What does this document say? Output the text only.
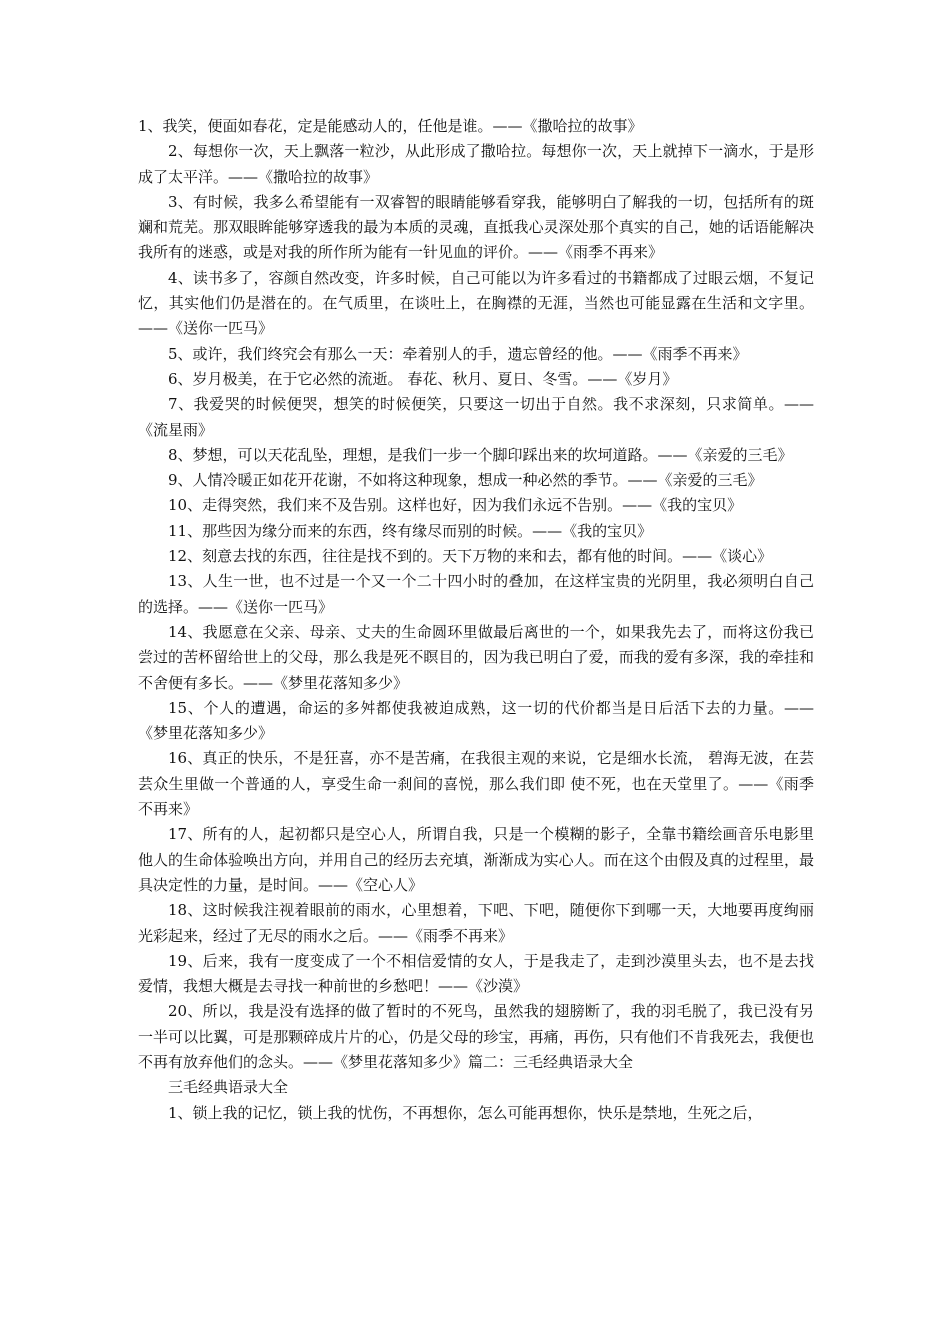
1、我笑，便面如春花，定是能感动人的，任他是谁。——《撒哈拉的故事》

2、每想你一次，天上飘落一粒沙，从此形成了撒哈拉。每想你一次，天上就掉下一滴水，于是形成了太平洋。——《撒哈拉的故事》

3、有时候，我多么希望能有一双睿智的眼睛能够看穿我，能够明白了解我的一切，包括所有的斑斓和荒芜。那双眼眸能够穿透我的最为本质的灵魂，直抵我心灵深处那个真实的自己，她的话语能解决我所有的迷惑，或是对我的所作所为能有一针见血的评价。——《雨季不再来》

4、读书多了，容颜自然改变，许多时候，自己可能以为许多看过的书籍都成了过眼云烟，不复记忆，其实他们仍是潜在的。在气质里，在谈吐上，在胸襟的无涯，当然也可能显露在生活和文字里。——《送你一匹马》

5、或许，我们终究会有那么一天：牵着别人的手，遗忘曾经的他。——《雨季不再来》

6、岁月极美，在于它必然的流逝。 春花、秋月、夏日、冬雪。——《岁月》

7、我爱哭的时候便哭，想笑的时候便笑，只要这一切出于自然。我不求深刻，只求简单。——《流星雨》

8、梦想，可以天花乱坠，理想，是我们一步一个脚印踩出来的坎坷道路。——《亲爱的三毛》

9、人情冷暖正如花开花谢，不如将这种现象，想成一种必然的季节。——《亲爱的三毛》

10、走得突然，我们来不及告别。这样也好，因为我们永远不告别。——《我的宝贝》

11、那些因为缘分而来的东西，终有缘尽而别的时候。——《我的宝贝》

12、刻意去找的东西，往往是找不到的。天下万物的来和去，都有他的时间。——《谈心》

13、人生一世，也不过是一个又一个二十四小时的叠加，在这样宝贵的光阴里，我必须明白自己的选择。——《送你一匹马》

14、我愿意在父亲、母亲、丈夫的生命圆环里做最后离世的一个，如果我先去了，而将这份我已尝过的苦杯留给世上的父母，那么我是死不瞑目的，因为我已明白了爱，而我的爱有多深，我的牵挂和不舍便有多长。——《梦里花落知多少》

15、个人的遭遇，命运的多舛都使我被迫成熟，这一切的代价都当是日后活下去的力量。——《梦里花落知多少》

16、真正的快乐，不是狂喜，亦不是苦痛，在我很主观的来说，它是细水长流， 碧海无波，在芸芸众生里做一个普通的人，享受生命一刹间的喜悦，那么我们即 使不死，也在天堂里了。——《雨季不再来》

17、所有的人，起初都只是空心人，所谓自我，只是一个模糊的影子，全靠书籍绘画音乐电影里他人的生命体验唤出方向，并用自己的经历去充填，渐渐成为实心人。而在这个由假及真的过程里，最具决定性的力量，是时间。——《空心人》

18、这时候我注视着眼前的雨水，心里想着，下吧、下吧，随便你下到哪一天，大地要再度绚丽光彩起来，经过了无尽的雨水之后。——《雨季不再来》

19、后来，我有一度变成了一个不相信爱情的女人，于是我走了，走到沙漠里头去，也不是去找爱情，我想大概是去寻找一种前世的乡愁吧！——《沙漠》

20、所以，我是没有选择的做了暂时的不死鸟，虽然我的翅膀断了，我的羽毛脱了，我已没有另一半可以比翼，可是那颗碎成片片的心，仍是父母的珍宝，再痛，再伤，只有他们不肯我死去，我便也不再有放弃他们的念头。——《梦里花落知多少》篇二：三毛经典语录大全

三毛经典语录大全

1、锁上我的记忆，锁上我的忧伤，不再想你，怎么可能再想你，快乐是禁地，生死之后，
